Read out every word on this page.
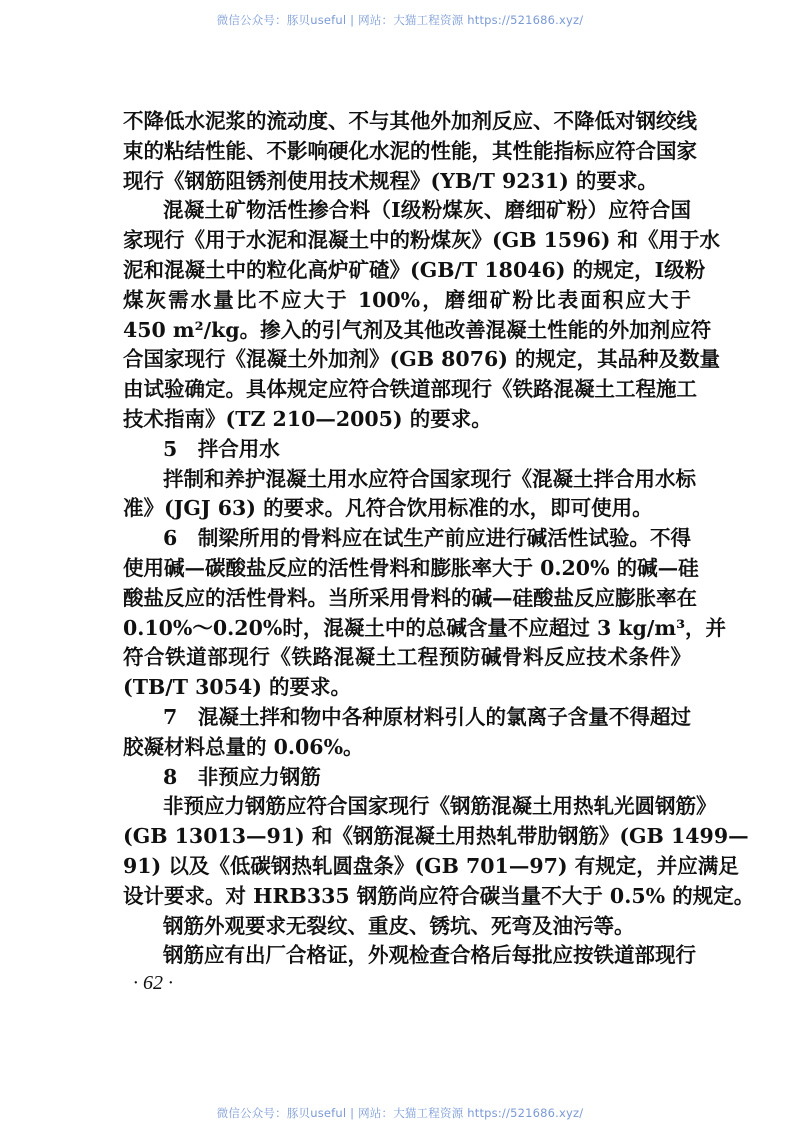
微信公众号：豚贝useful | 网站：大猫工程资源 https://521686.xyz/
不降低水泥浆的流动度、不与其他外加剂反应、不降低对钢绞线
束的粘结性能、不影响硬化水泥的性能，其性能指标应符合国家
现行《钢筋阻锈剂使用技术规程》(YB/T 9231) 的要求。
混凝土矿物活性掺合料（Ⅰ级粉煤灰、磨细矿粉）应符合国
家现行《用于水泥和混凝土中的粉煤灰》(GB 1596) 和《用于水
泥和混凝土中的粒化高炉矿碴》(GB/T 18046) 的规定，Ⅰ级粉
煤灰需水量比不应大于 100%，磨细矿粉比表面积应大于
450 m²/kg。掺入的引气剂及其他改善混凝土性能的外加剂应符
合国家现行《混凝土外加剂》(GB 8076) 的规定，其品种及数量
由试验确定。具体规定应符合铁道部现行《铁路混凝土工程施工
技术指南》(TZ 210—2005) 的要求。
5　拌合用水
拌制和养护混凝土用水应符合国家现行《混凝土拌合用水标
准》(JGJ 63) 的要求。凡符合饮用标准的水，即可使用。
6　制梁所用的骨料应在试生产前应进行碱活性试验。不得
使用碱—碳酸盐反应的活性骨料和膨胀率大于 0.20% 的碱—硅
酸盐反应的活性骨料。当所采用骨料的碱—硅酸盐反应膨胀率在
0.10%～0.20%时，混凝土中的总碱含量不应超过 3 kg/m³，并
符合铁道部现行《铁路混凝土工程预防碱骨料反应技术条件》
(TB/T 3054) 的要求。
7　混凝土拌和物中各种原材料引人的氯离子含量不得超过
胶凝材料总量的 0.06%。
8　非预应力钢筋
非预应力钢筋应符合国家现行《钢筋混凝土用热轧光圆钢筋》
(GB 13013—91) 和《钢筋混凝土用热轧带肋钢筋》(GB 1499—
91) 以及《低碳钢热轧圆盘条》(GB 701—97) 有规定，并应满足
设计要求。对 HRB335 钢筋尚应符合碳当量不大于 0.5% 的规定。
钢筋外观要求无裂纹、重皮、锈坑、死弯及油污等。
钢筋应有出厂合格证，外观检查合格后每批应按铁道部现行
· 62 ·
微信公众号：豚贝useful | 网站：大猫工程资源 https://521686.xyz/
